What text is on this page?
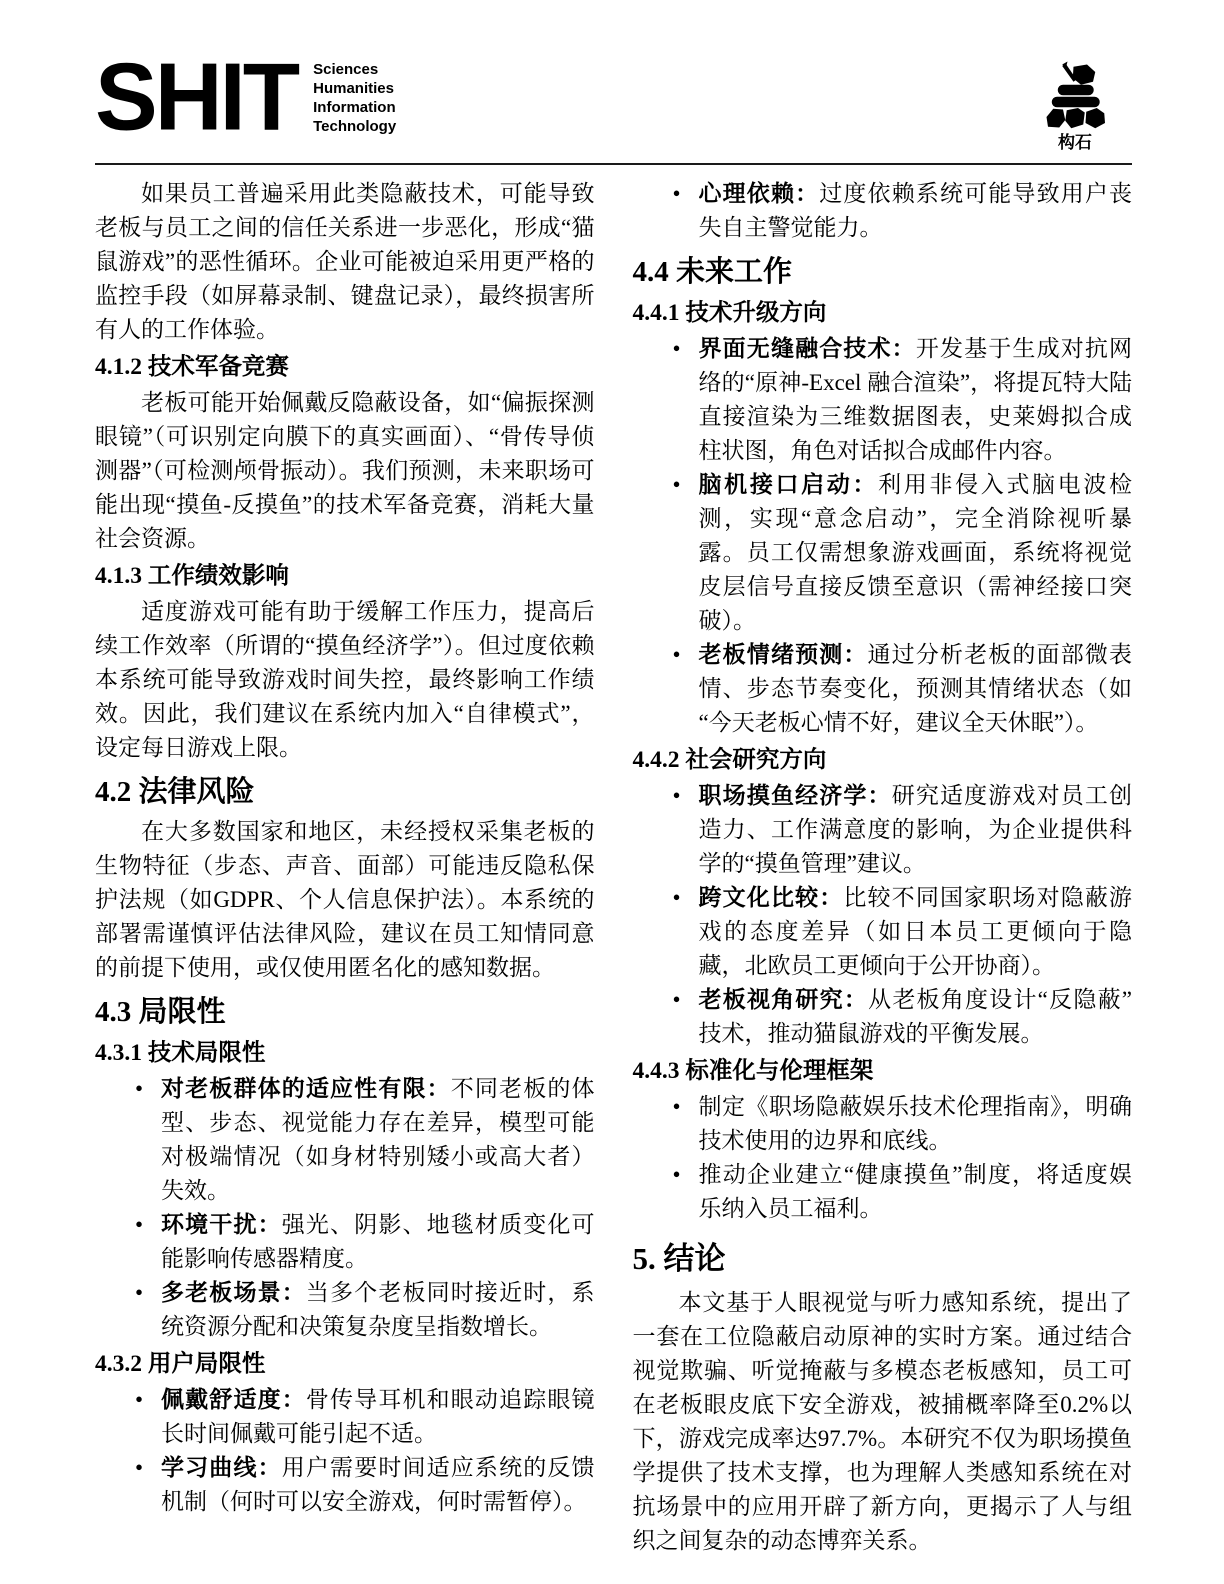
SHIT Sciences
Humanities
Information
Technology
构石

如果员工普遍采用此类隐蔽技术，可能导致老板与员工之间的信任关系进一步恶化，形成“猫鼠游戏”的恶性循环。企业可能被迫采用更严格的监控手段（如屏幕录制、键盘记录），最终损害所有人的工作体验。

4.1.2 技术军备竞赛

老板可能开始佩戴反隐蔽设备，如“偏振探测眼镜”（可识别定向膜下的真实画面）、“骨传导侦测器”（可检测颅骨振动）。我们预测，未来职场可能出现“摸鱼-反摸鱼”的技术军备竞赛，消耗大量社会资源。

4.1.3 工作绩效影响

适度游戏可能有助于缓解工作压力，提高后续工作效率（所谓的“摸鱼经济学”）。但过度依赖本系统可能导致游戏时间失控，最终影响工作绩效。因此，我们建议在系统内加入“自律模式”，设定每日游戏上限。

4.2 法律风险

在大多数国家和地区，未经授权采集老板的生物特征（步态、声音、面部）可能违反隐私保护法规（如GDPR、个人信息保护法）。本系统的部署需谨慎评估法律风险，建议在员工知情同意的前提下使用，或仅使用匿名化的感知数据。

4.3 局限性
4.3.1 技术局限性
• 对老板群体的适应性有限：不同老板的体型、步态、视觉能力存在差异，模型可能对极端情况（如身材特别矮小或高大者）失效。
• 环境干扰：强光、阴影、地毯材质变化可能影响传感器精度。
• 多老板场景：当多个老板同时接近时，系统资源分配和决策复杂度呈指数增长。
4.3.2 用户局限性
• 佩戴舒适度：骨传导耳机和眼动追踪眼镜长时间佩戴可能引起不适。
• 学习曲线：用户需要时间适应系统的反馈机制（何时可以安全游戏，何时需暂停）。
• 心理依赖：过度依赖系统可能导致用户丧失自主警觉能力。
4.4 未来工作
4.4.1 技术升级方向
• 界面无缝融合技术：开发基于生成对抗网络的“原神-Excel 融合渲染”，将提瓦特大陆直接渲染为三维数据图表，史莱姆拟合成柱状图，角色对话拟合成邮件内容。
• 脑机接口启动：利用非侵入式脑电波检测，实现“意念启动”，完全消除视听暴露。员工仅需想象游戏画面，系统将视觉皮层信号直接反馈至意识（需神经接口突破）。
• 老板情绪预测：通过分析老板的面部微表情、步态节奏变化，预测其情绪状态（如“今天老板心情不好，建议全天休眠”）。
4.4.2 社会研究方向
• 职场摸鱼经济学：研究适度游戏对员工创造力、工作满意度的影响，为企业提供科学的“摸鱼管理”建议。
• 跨文化比较：比较不同国家职场对隐蔽游戏的态度差异（如日本员工更倾向于隐藏，北欧员工更倾向于公开协商）。
• 老板视角研究：从老板角度设计“反隐蔽”技术，推动猫鼠游戏的平衡发展。
4.4.3 标准化与伦理框架
• 制定《职场隐蔽娱乐技术伦理指南》，明确技术使用的边界和底线。
• 推动企业建立“健康摸鱼”制度，将适度娱乐纳入员工福利。
5. 结论

本文基于人眼视觉与听力感知系统，提出了一套在工位隐蔽启动原神的实时方案。通过结合视觉欺骗、听觉掩蔽与多模态老板感知，员工可在老板眼皮底下安全游戏，被捕概率降至0.2%以下，游戏完成率达97.7%。本研究不仅为职场摸鱼学提供了技术支撑，也为理解人类感知系统在对抗场景中的应用开辟了新方向，更揭示了人与组织之间复杂的动态博弈关系。
